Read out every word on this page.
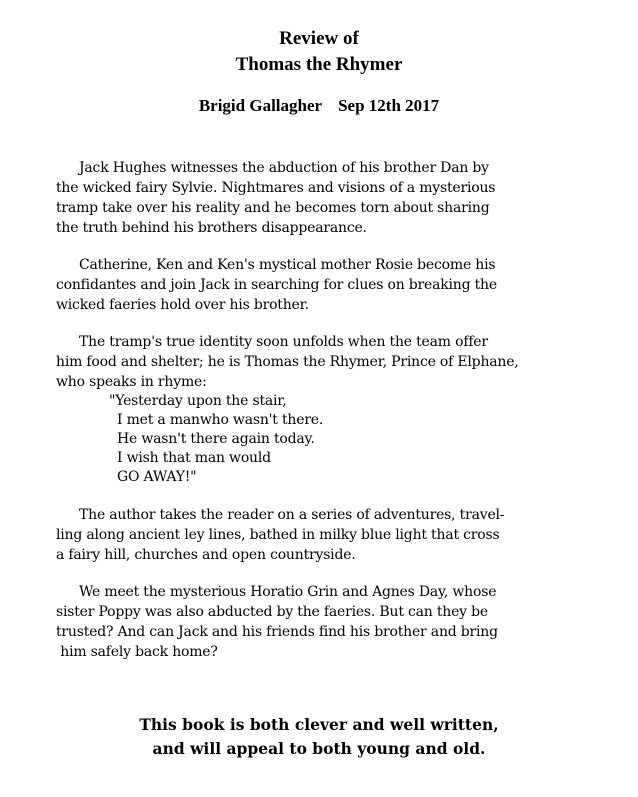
Review of
Thomas the Rhymer
Brigid Gallagher Sep 12th 2017
Jack Hughes witnesses the abduction of his brother Dan by
the wicked fairy Sylvie. Nightmares and visions of a mysterious
tramp take over his reality and he becomes torn about sharing
the truth behind his brothers disappearance.
Catherine, Ken and Ken's mystical mother Rosie become his
confidantes and join Jack in searching for clues on breaking the
wicked faeries hold over his brother.
The tramp's true identity soon unfolds when the team offer
him food and shelter; he is Thomas the Rhymer, Prince of Elphane,
who speaks in rhyme:
"Yesterday upon the stair,
I met a manwho wasn't there.
He wasn't there again today.
I wish that man would
GO AWAY!"
The author takes the reader on a series of adventures, travel-
ling along ancient ley lines, bathed in milky blue light that cross
a fairy hill, churches and open countryside.
We meet the mysterious Horatio Grin and Agnes Day, whose
sister Poppy was also abducted by the faeries. But can they be
trusted? And can Jack and his friends find his brother and bring
him safely back home?
This book is both clever and well written,
and will appeal to both young and old.
